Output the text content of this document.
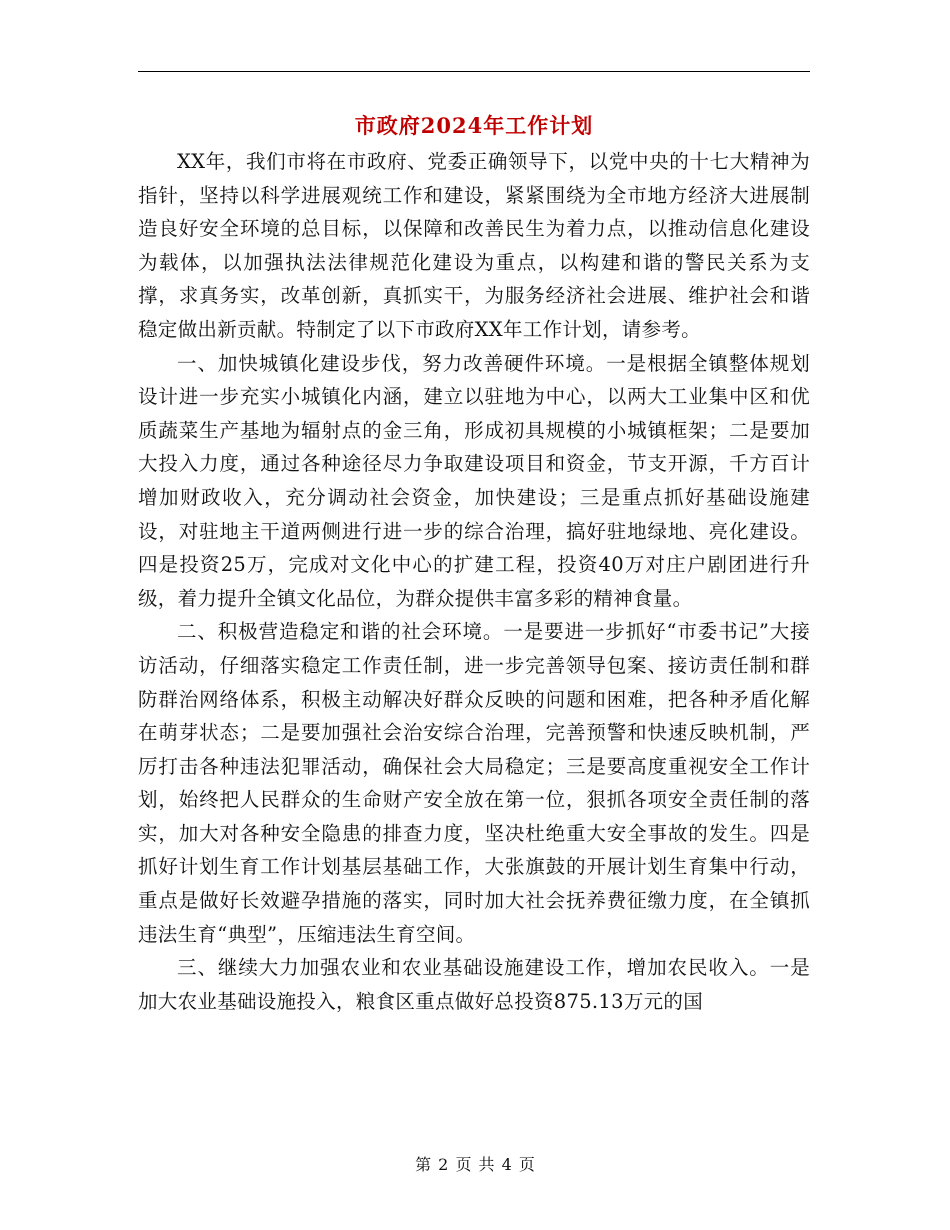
市政府2024年工作计划

XX年，我们市将在市政府、党委正确领导下，以党中央的十七大精神为指针，坚持以科学进展观统工作和建设，紧紧围绕为全市地方经济大进展制造良好安全环境的总目标，以保障和改善民生为着力点，以推动信息化建设为载体，以加强执法法律规范化建设为重点，以构建和谐的警民关系为支撑，求真务实，改革创新，真抓实干，为服务经济社会进展、维护社会和谐稳定做出新贡献。特制定了以下市政府XX年工作计划，请参考。

一、加快城镇化建设步伐，努力改善硬件环境。一是根据全镇整体规划设计进一步充实小城镇化内涵，建立以驻地为中心，以两大工业集中区和优质蔬菜生产基地为辐射点的金三角，形成初具规模的小城镇框架；二是要加大投入力度，通过各种途径尽力争取建设项目和资金，节支开源，千方百计增加财政收入，充分调动社会资金，加快建设；三是重点抓好基础设施建设，对驻地主干道两侧进行进一步的综合治理，搞好驻地绿地、亮化建设。四是投资25万，完成对文化中心的扩建工程，投资40万对庄户剧团进行升级，着力提升全镇文化品位，为群众提供丰富多彩的精神食量。

二、积极营造稳定和谐的社会环境。一是要进一步抓好“市委书记”大接访活动，仔细落实稳定工作责任制，进一步完善领导包案、接访责任制和群防群治网络体系，积极主动解决好群众反映的问题和困难，把各种矛盾化解在萌芽状态；二是要加强社会治安综合治理，完善预警和快速反映机制，严厉打击各种违法犯罪活动，确保社会大局稳定；三是要高度重视安全工作计划，始终把人民群众的生命财产安全放在第一位，狠抓各项安全责任制的落实，加大对各种安全隐患的排查力度，坚决杜绝重大安全事故的发生。四是抓好计划生育工作计划基层基础工作，大张旗鼓的开展计划生育集中行动，重点是做好长效避孕措施的落实，同时加大社会抚养费征缴力度，在全镇抓违法生育“典型”，压缩违法生育空间。

三、继续大力加强农业和农业基础设施建设工作，增加农民收入。一是加大农业基础设施投入，粮食区重点做好总投资875.13万元的国

第 2 页 共 4 页
